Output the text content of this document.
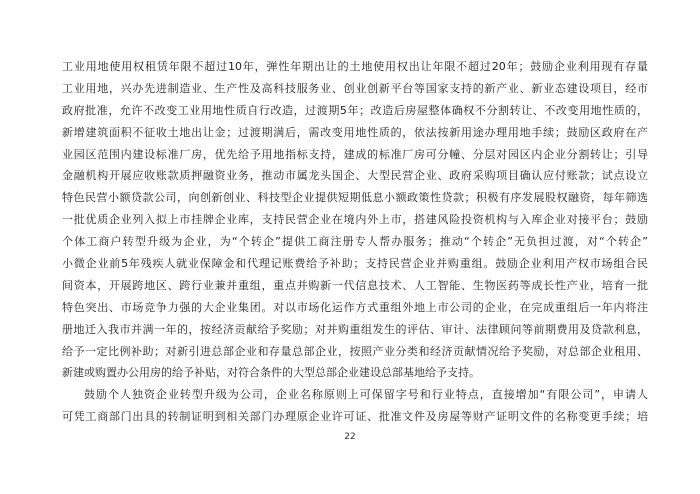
工业用地使用权租赁年限不超过10年，弹性年期出让的土地使用权出让年限不超过20年；鼓励企业利用现有存量
工业用地，兴办先进制造业、生产性及高科技服务业、创业创新平台等国家支持的新产业、新业态建设项目，经市
政府批准，允许不改变工业用地性质自行改造，过渡期5年；改造后房屋整体确权不分割转让、不改变用地性质的，
新增建筑面积不征收土地出让金；过渡期满后，需改变用地性质的，依法按新用途办理用地手续；鼓励区政府在产
业园区范围内建设标准厂房，优先给予用地指标支持，建成的标准厂房可分幢、分层对园区内企业分割转让；引导
金融机构开展应收账款质押融资业务，推动市属龙头国企、大型民营企业、政府采购项目确认应付账款；试点设立
特色民营小额贷款公司，向创新创业、科技型企业提供短期低息小额政策性贷款；积极有序发展股权融资，每年筛选
一批优质企业列入拟上市挂牌企业库，支持民营企业在境内外上市，搭建风险投资机构与入库企业对接平台；鼓励
个体工商户转型升级为企业，为“个转企”提供工商注册专人帮办服务；推动“个转企”无负担过渡，对“个转企”
小微企业前5年残疾人就业保障金和代理记账费给予补助；支持民营企业并购重组。鼓励企业利用产权市场组合民
间资本，开展跨地区、跨行业兼并重组，重点并购新一代信息技术、人工智能、生物医药等成长性产业，培育一批
特色突出、市场竞争力强的大企业集团。对以市场化运作方式重组外地上市公司的企业，在完成重组后一年内将注
册地迁入我市并满一年的，按经济贡献给予奖励；对并购重组发生的评估、审计、法律顾问等前期费用及贷款利息，
给予一定比例补助；对新引进总部企业和存量总部企业，按照产业分类和经济贡献情况给予奖励，对总部企业租用、
新建或购置办公用房的给予补贴，对符合条件的大型总部企业建设总部基地给予支持。
鼓励个人独资企业转型升级为公司，企业名称原则上可保留字号和行业特点，直接增加“有限公司”，申请人
可凭工商部门出具的转制证明到相关部门办理原企业许可证、批准文件及房屋等财产证明文件的名称变更手续；培
22
